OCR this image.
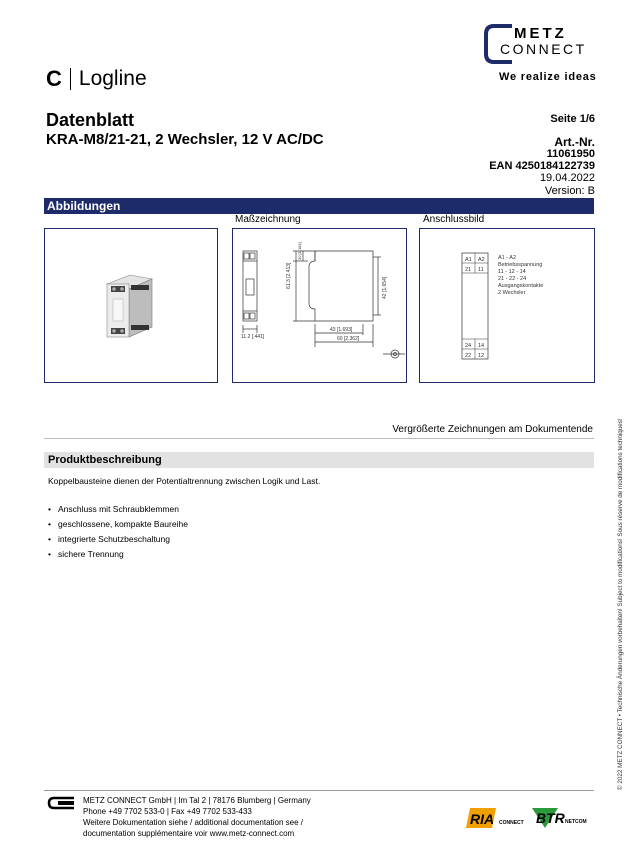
METZ
CONNECT
We realize ideas
C Logline
Datenblatt
KRA-M8/21-21, 2 Wechsler, 12 V AC/DC
Seite 1/6
Art.-Nr.
11061950
EAN 4250184122739
19.04.2022
Version: B
Abbildungen
Maßzeichnung	Anschlussbild
61.3 [2.413]
30 [1.181]
42 [1.654]
11.2 [.441]
43 [1.693]
60 [2.362]
A1 A2
21 11
24 14
22 12
A1 - A2
Betriebsspannung
11 - 12 - 14
21 - 22 - 24
Ausgangskontakte
2 Wechsler
Vergrößerte Zeichnungen am Dokumentende
Produktbeschreibung
Koppelbausteine dienen der Potentialtrennung zwischen Logik und Last.
• Anschluss mit Schraubklemmen
• geschlossene, kompakte Baureihe
• integrierte Schutzbeschaltung
• sichere Trennung	© 2022 METZ CONNECT • Technische Änderungen vorbehalten! Subject to modifications! Sous réserve de modifications techniques!
METZ CONNECT GmbH | Im Tal 2 | 78176 Blumberg | Germany
Phone +49 7702 533-0 | Fax +49 7702 533-433
Weitere Dokumentation siehe / additional documentation see /
documentation supplémentaire voir www.metz-connect.com
RIA CONNECT BTR NETCOM
